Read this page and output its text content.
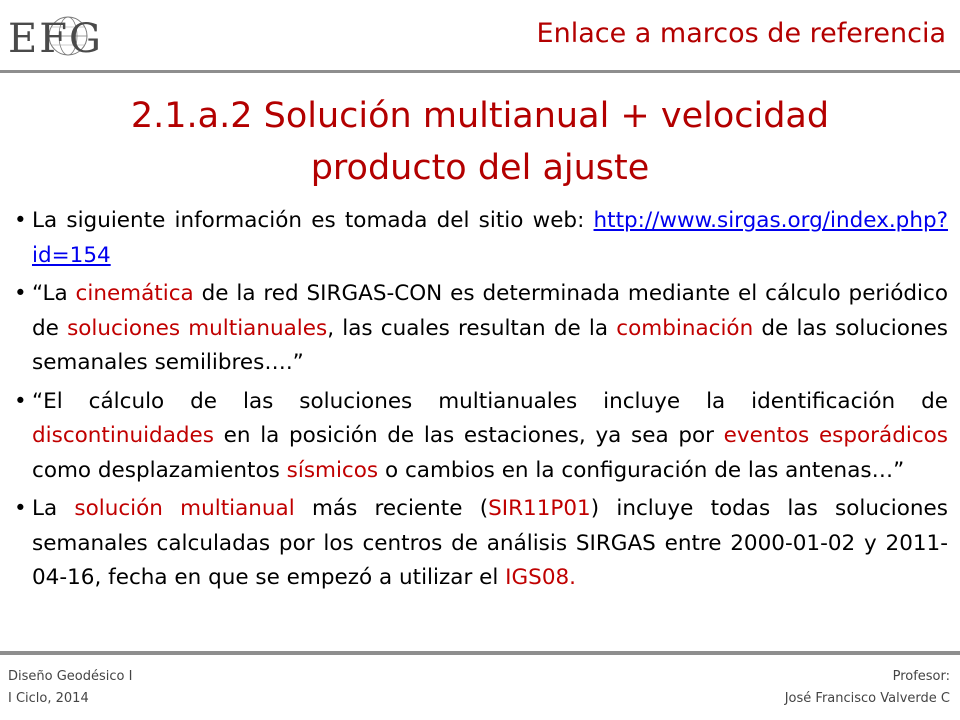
EFG	Enlace a marcos de referencia
2.1.a.2 Solución multianual + velocidad
producto del ajuste
• La siguiente información es tomada del sitio web: http://www.sirgas.org/index.php?id=154
• “La cinemática de la red SIRGAS-CON es determinada mediante el cálculo periódico de soluciones multianuales, las cuales resultan de la combinación de las soluciones semanales semilibres….”
• “El cálculo de las soluciones multianuales incluye la identificación de discontinuidades en la posición de las estaciones, ya sea por eventos esporádicos como desplazamientos sísmicos o cambios en la configuración de las antenas…”
• La solución multianual más reciente (SIR11P01) incluye todas las soluciones semanales calculadas por los centros de análisis SIRGAS entre 2000-01-02 y 2011-04-16, fecha en que se empezó a utilizar el IGS08.
Diseño Geodésico I
I Ciclo, 2014
Profesor:
José Francisco Valverde C
